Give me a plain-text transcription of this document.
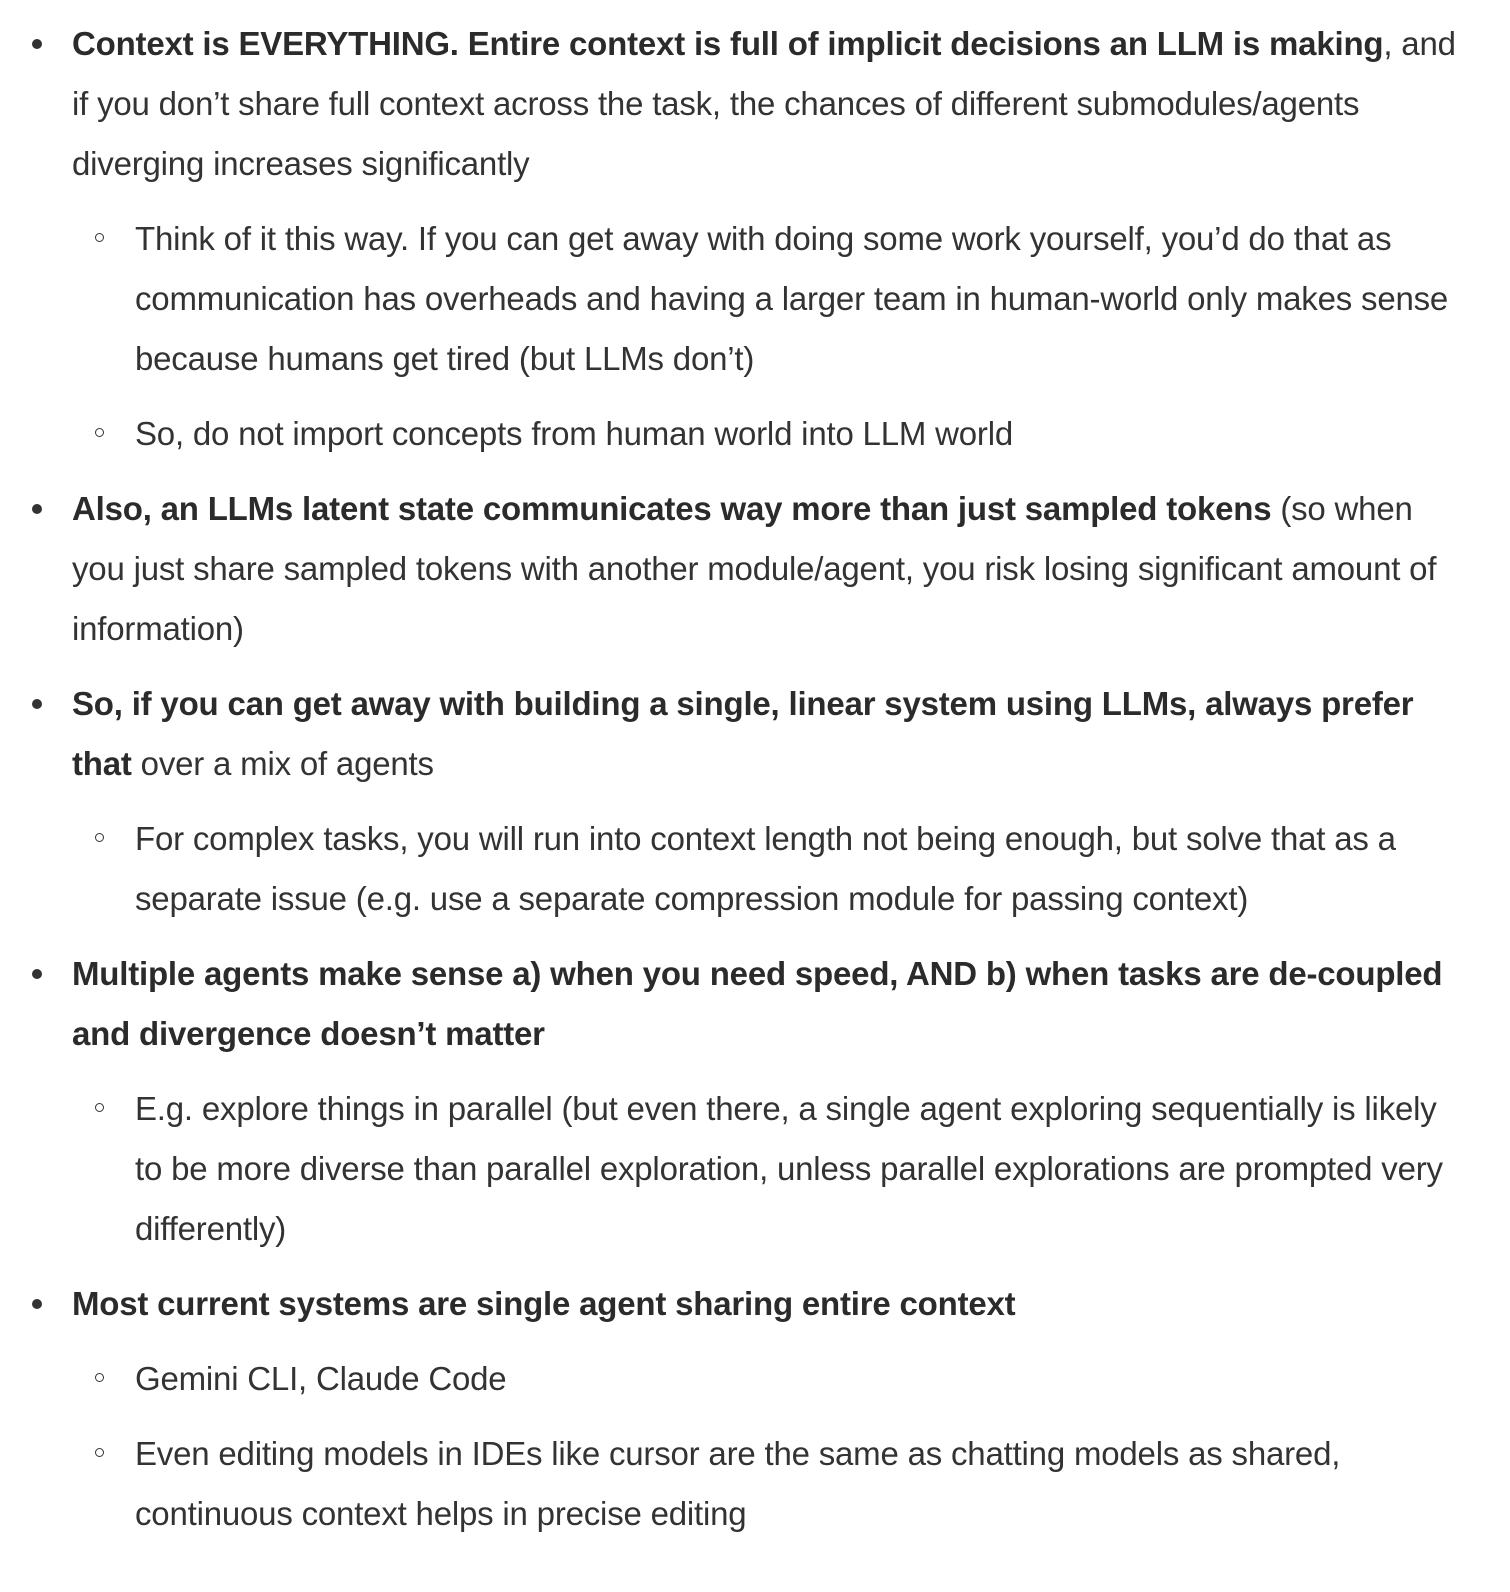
Context is EVERYTHING. Entire context is full of implicit decisions an LLM is making, and if you don’t share full context across the task, the chances of different submodules/agents diverging increases significantly
Think of it this way. If you can get away with doing some work yourself, you’d do that as communication has overheads and having a larger team in human-world only makes sense because humans get tired (but LLMs don’t)
So, do not import concepts from human world into LLM world
Also, an LLMs latent state communicates way more than just sampled tokens (so when you just share sampled tokens with another module/agent, you risk losing significant amount of information)
So, if you can get away with building a single, linear system using LLMs, always prefer that over a mix of agents
For complex tasks, you will run into context length not being enough, but solve that as a separate issue (e.g. use a separate compression module for passing context)
Multiple agents make sense a) when you need speed, AND b) when tasks are de-coupled and divergence doesn’t matter
E.g. explore things in parallel (but even there, a single agent exploring sequentially is likely to be more diverse than parallel exploration, unless parallel explorations are prompted very differently)
Most current systems are single agent sharing entire context
Gemini CLI, Claude Code
Even editing models in IDEs like cursor are the same as chatting models as shared, continuous context helps in precise editing
